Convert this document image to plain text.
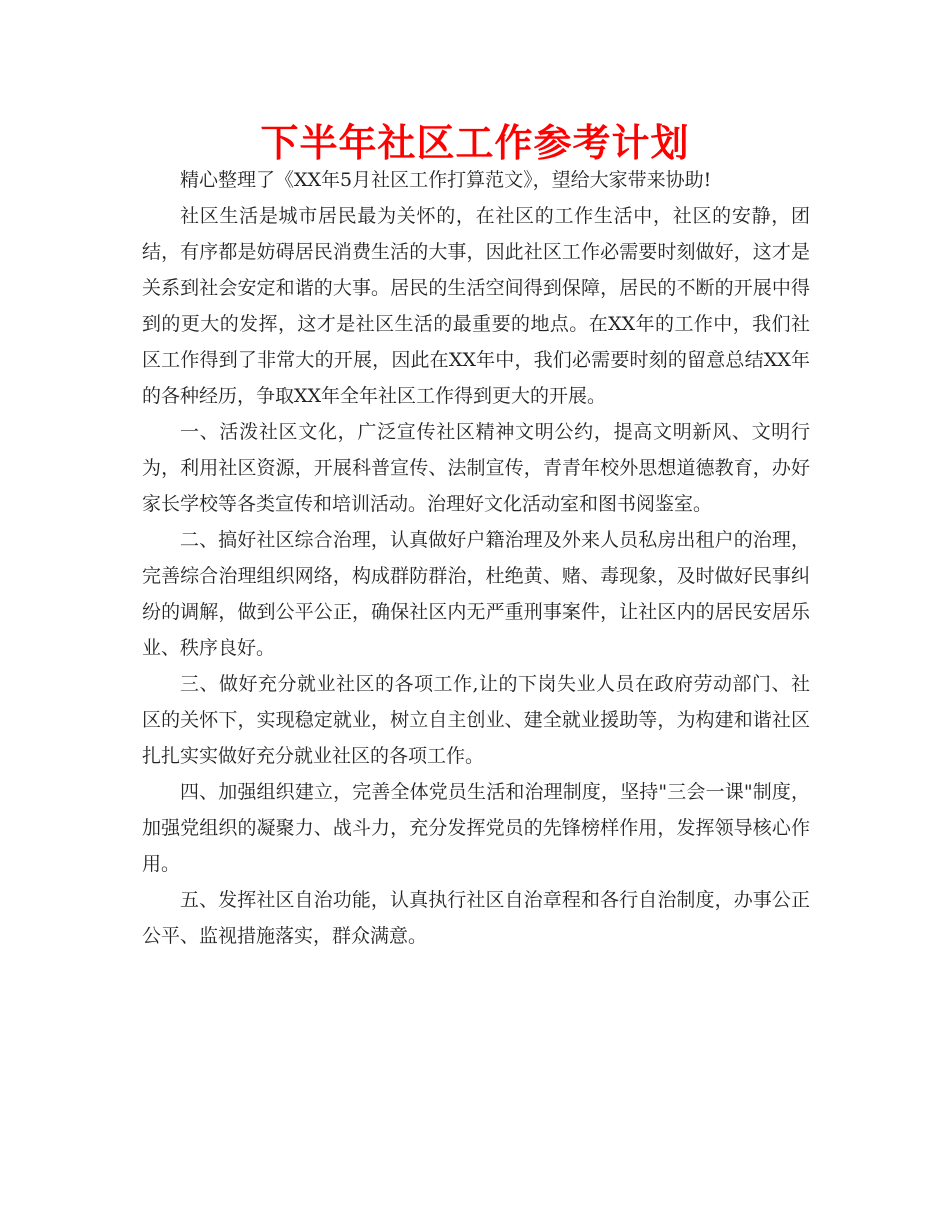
下半年社区工作参考计划

精心整理了《XX年5月社区工作打算范文》，望给大家带来协助!

社区生活是城市居民最为关怀的，在社区的工作生活中，社区的安静，团结，有序都是妨碍居民消费生活的大事，因此社区工作必需要时刻做好，这才是关系到社会安定和谐的大事。居民的生活空间得到保障，居民的不断的开展中得到的更大的发挥，这才是社区生活的最重要的地点。在XX年的工作中，我们社区工作得到了非常大的开展，因此在XX年中，我们必需要时刻的留意总结XX年的各种经历，争取XX年全年社区工作得到更大的开展。

一、活泼社区文化，广泛宣传社区精神文明公约，提高文明新风、文明行为，利用社区资源，开展科普宣传、法制宣传，青青年校外思想道德教育，办好家长学校等各类宣传和培训活动。治理好文化活动室和图书阅鉴室。

二、搞好社区综合治理，认真做好户籍治理及外来人员私房出租户的治理，完善综合治理组织网络，构成群防群治，杜绝黄、赌、毒现象，及时做好民事纠纷的调解，做到公平公正，确保社区内无严重刑事案件，让社区内的居民安居乐业、秩序良好。

三、做好充分就业社区的各项工作,让的下岗失业人员在政府劳动部门、社区的关怀下，实现稳定就业，树立自主创业、建全就业援助等，为构建和谐社区扎扎实实做好充分就业社区的各项工作。

四、加强组织建立，完善全体党员生活和治理制度，坚持"三会一课"制度，加强党组织的凝聚力、战斗力，充分发挥党员的先锋榜样作用，发挥领导核心作用。

五、发挥社区自治功能，认真执行社区自治章程和各行自治制度，办事公正公平、监视措施落实，群众满意。
